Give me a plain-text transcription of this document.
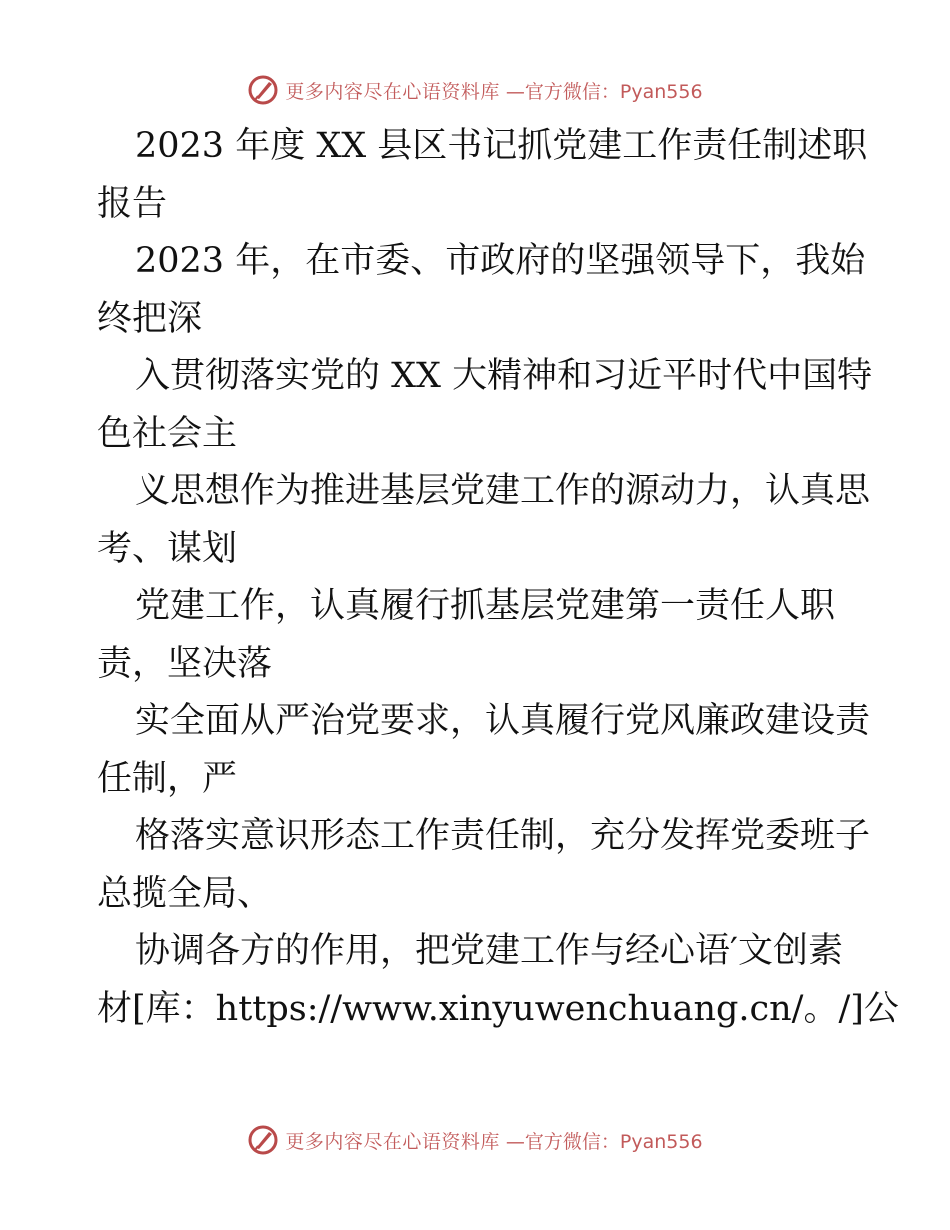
更多内容尽在心语资料库 —官方微信：Pyan556
2023 年度 XX 县区书记抓党建工作责任制述职
报告
2023 年，在市委、市政府的坚强领导下，我始
终把深
入贯彻落实党的 XX 大精神和习近平时代中国特
色社会主
义思想作为推进基层党建工作的源动力，认真思
考、谋划
党建工作，认真履行抓基层党建第一责任人职
责，坚决落
实全面从严治党要求，认真履行党风廉政建设责
任制，严
格落实意识形态工作责任制，充分发挥党委班子
总揽全局、
协调各方的作用，把党建工作与经心语′文创素
材[库：https://www.xinyuwenchuang.cn/。/]公
更多内容尽在心语资料库 —官方微信：Pyan556
